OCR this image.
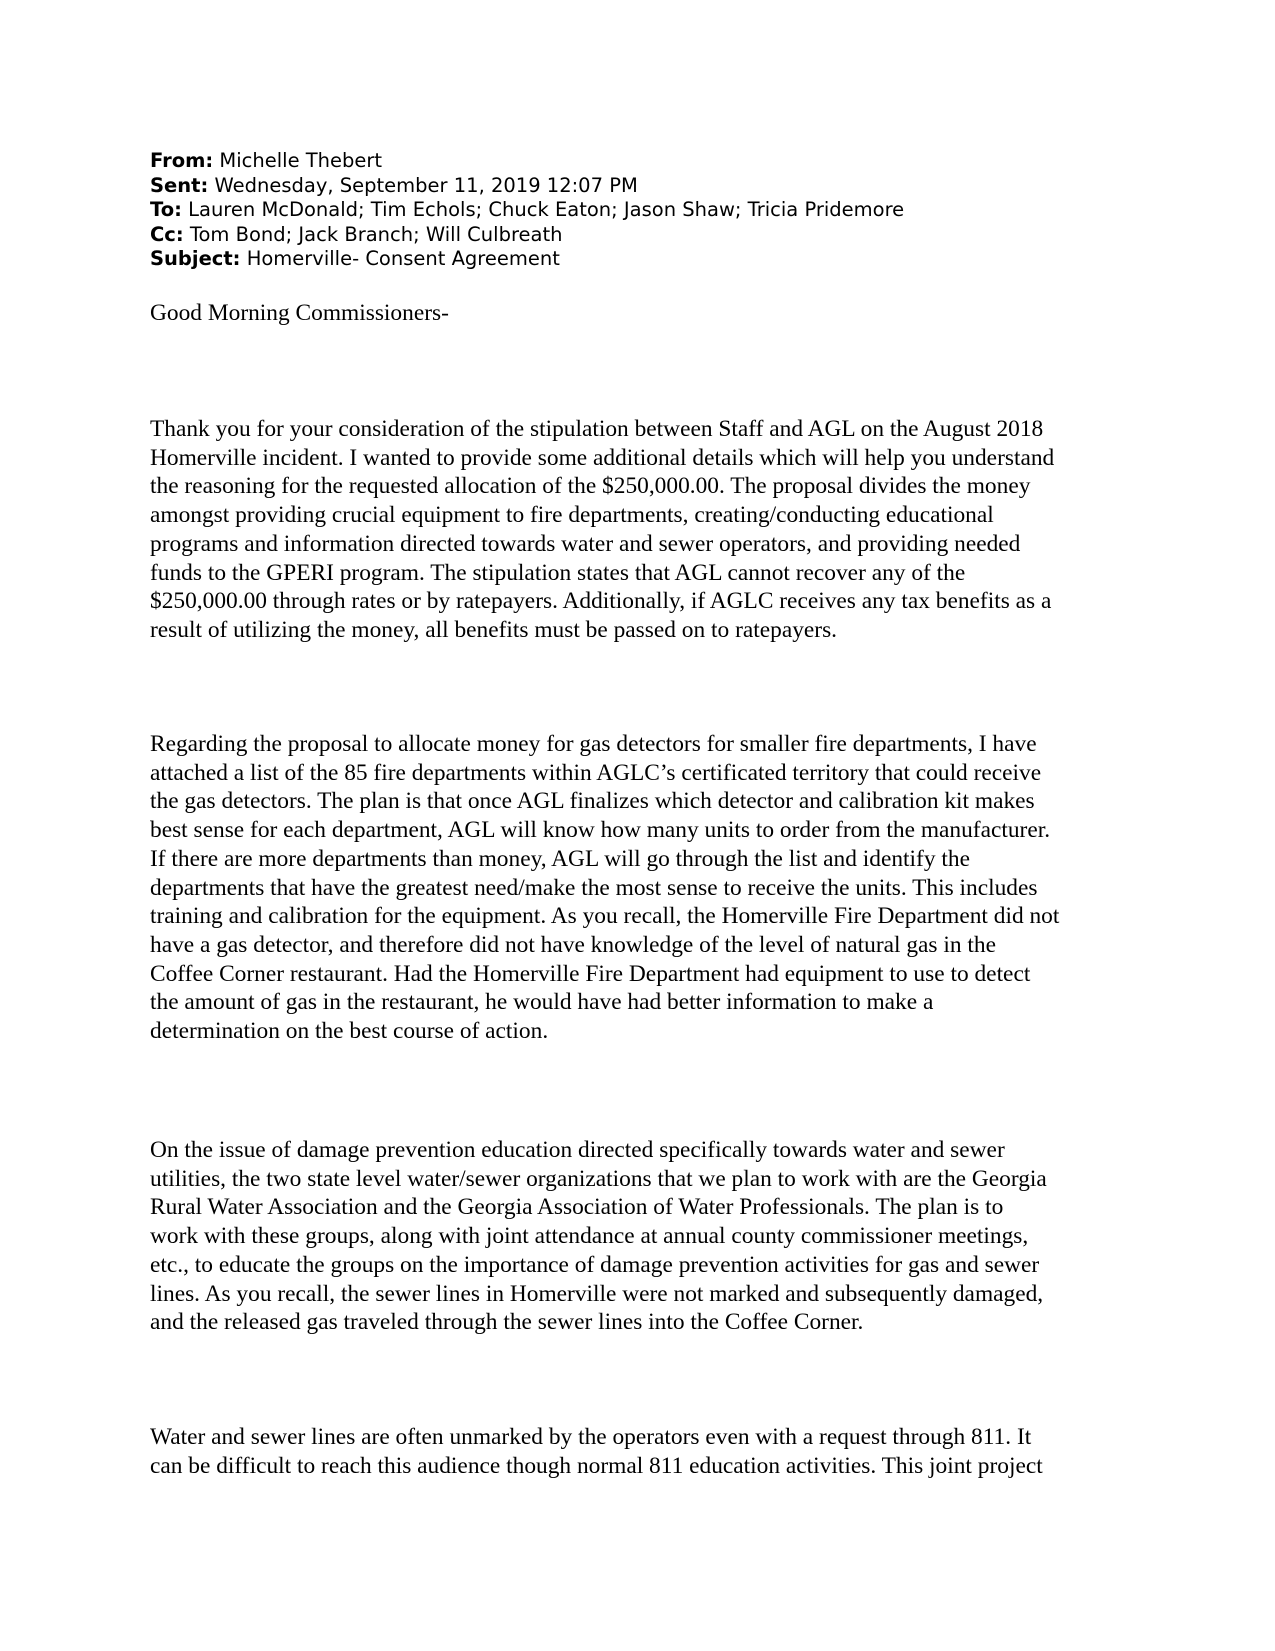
From: Michelle Thebert
Sent: Wednesday, September 11, 2019 12:07 PM
To: Lauren McDonald; Tim Echols; Chuck Eaton; Jason Shaw; Tricia Pridemore
Cc: Tom Bond; Jack Branch; Will Culbreath
Subject: Homerville- Consent Agreement
Good Morning Commissioners-
Thank you for your consideration of the stipulation between Staff and AGL on the August 2018
Homerville incident. I wanted to provide some additional details which will help you understand
the reasoning for the requested allocation of the $250,000.00. The proposal divides the money
amongst providing crucial equipment to fire departments, creating/conducting educational
programs and information directed towards water and sewer operators, and providing needed
funds to the GPERI program. The stipulation states that AGL cannot recover any of the
$250,000.00 through rates or by ratepayers. Additionally, if AGLC receives any tax benefits as a
result of utilizing the money, all benefits must be passed on to ratepayers.
Regarding the proposal to allocate money for gas detectors for smaller fire departments, I have
attached a list of the 85 fire departments within AGLC’s certificated territory that could receive
the gas detectors. The plan is that once AGL finalizes which detector and calibration kit makes
best sense for each department, AGL will know how many units to order from the manufacturer.
If there are more departments than money, AGL will go through the list and identify the
departments that have the greatest need/make the most sense to receive the units. This includes
training and calibration for the equipment. As you recall, the Homerville Fire Department did not
have a gas detector, and therefore did not have knowledge of the level of natural gas in the
Coffee Corner restaurant. Had the Homerville Fire Department had equipment to use to detect
the amount of gas in the restaurant, he would have had better information to make a
determination on the best course of action.
On the issue of damage prevention education directed specifically towards water and sewer
utilities, the two state level water/sewer organizations that we plan to work with are the Georgia
Rural Water Association and the Georgia Association of Water Professionals. The plan is to
work with these groups, along with joint attendance at annual county commissioner meetings,
etc., to educate the groups on the importance of damage prevention activities for gas and sewer
lines. As you recall, the sewer lines in Homerville were not marked and subsequently damaged,
and the released gas traveled through the sewer lines into the Coffee Corner.
Water and sewer lines are often unmarked by the operators even with a request through 811. It
can be difficult to reach this audience though normal 811 education activities. This joint project
